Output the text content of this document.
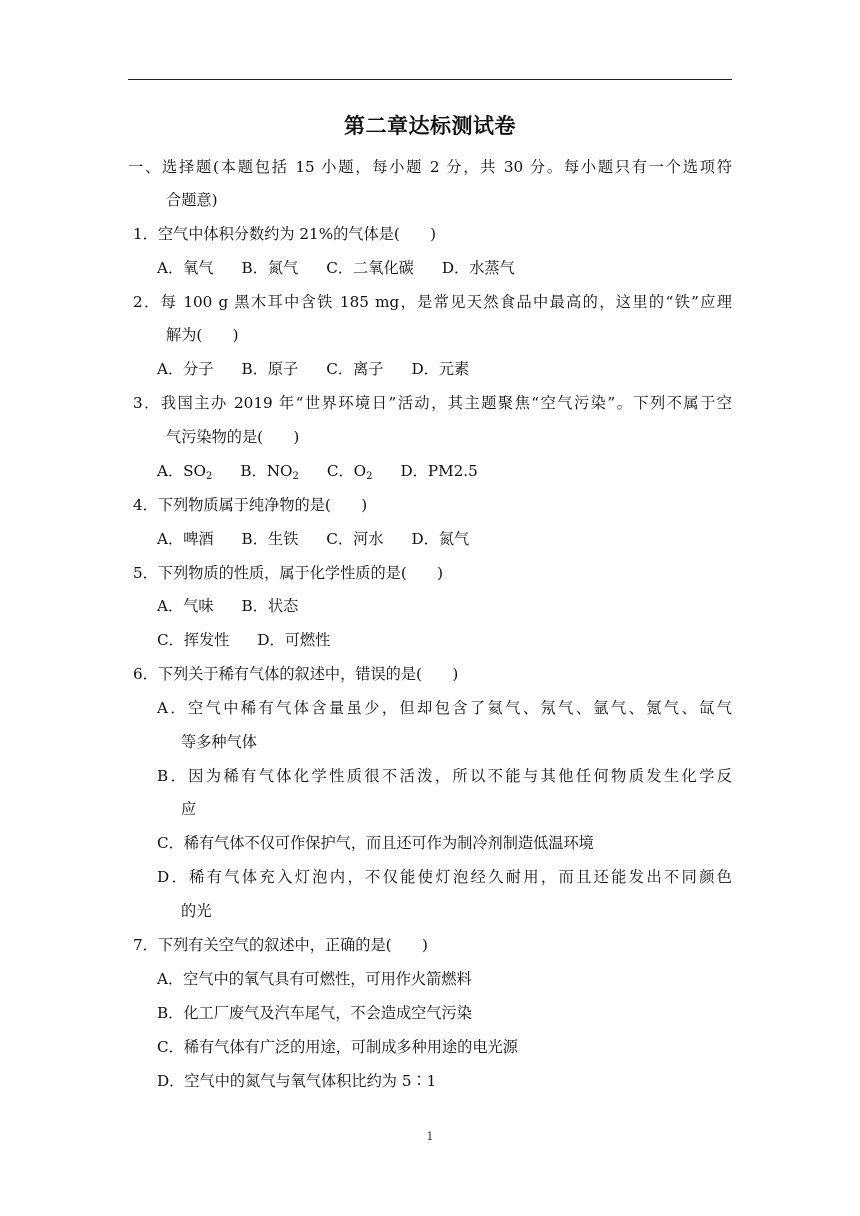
第二章达标测试卷
一、选择题(本题包括 15 小题，每小题 2 分，共 30 分。每小题只有一个选项符
合题意)
1．空气中体积分数约为 21%的气体是(　　)
A．氧气 B．氮气 C．二氧化碳 D．水蒸气
2．每 100 g 黑木耳中含铁 185 mg，是常见天然食品中最高的，这里的“铁”应理
解为(　　)
A．分子 B．原子 C．离子 D．元素
3．我国主办 2019 年“世界环境日”活动，其主题聚焦“空气污染”。下列不属于空
气污染物的是(　　)
A．$SO_2$ B．$NO_2$ C．$O_2$ D．PM2.5
4．下列物质属于纯净物的是(　　)
A．啤酒 B．生铁 C．河水 D．氮气
5．下列物质的性质，属于化学性质的是(　　)
A．气味 B．状态
C．挥发性 D．可燃性
6．下列关于稀有气体的叙述中，错误的是(　　)
A．空气中稀有气体含量虽少，但却包含了氦气、氖气、氩气、氪气、氙气
等多种气体
B．因为稀有气体化学性质很不活泼，所以不能与其他任何物质发生化学反
应
C．稀有气体不仅可作保护气，而且还可作为制冷剂制造低温环境
D．稀有气体充入灯泡内，不仅能使灯泡经久耐用，而且还能发出不同颜色
的光
7．下列有关空气的叙述中，正确的是(　　)
A．空气中的氧气具有可燃性，可用作火箭燃料
B．化工厂废气及汽车尾气，不会造成空气污染
C．稀有气体有广泛的用途，可制成多种用途的电光源
D．空气中的氮气与氧气体积比约为 5∶1
1
